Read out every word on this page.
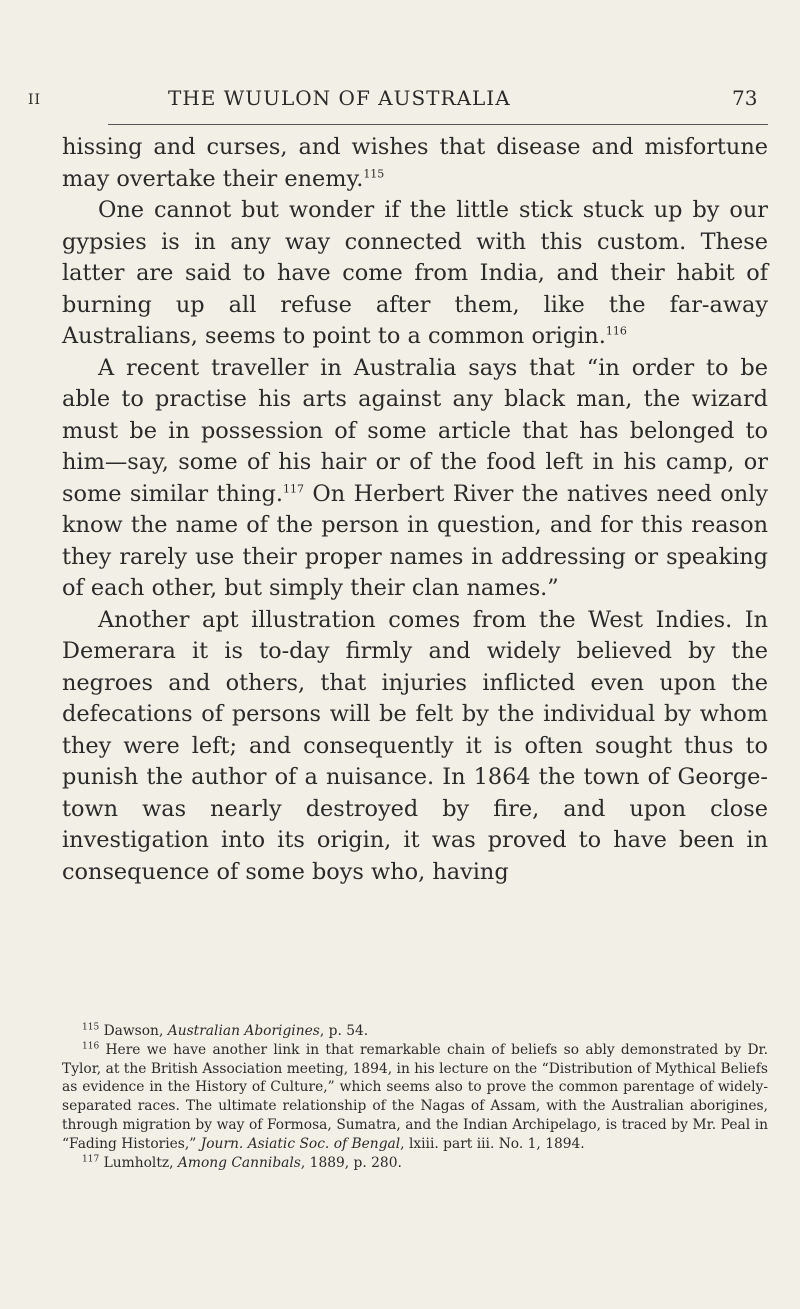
II	THE WUULON OF AUSTRALIA	73

hissing and curses, and wishes that disease and misfortune may overtake their enemy.$^{115}$

One cannot but wonder if the little stick stuck up by our gypsies is in any way connected with this custom. These latter are said to have come from India, and their habit of burning up all refuse after them, like the far-away Australians, seems to point to a common origin.$^{116}$

A recent traveller in Australia says that “in order to be able to practise his arts against any black man, the wizard must be in possession of some article that has belonged to him—say, some of his hair or of the food left in his camp, or some similar thing.$^{117}$ On Herbert River the natives need only know the name of the person in question, and for this reason they rarely use their proper names in addressing or speaking of each other, but simply their clan names.”

Another apt illustration comes from the West Indies. In Demerara it is to-day firmly and widely believed by the negroes and others, that injuries inflicted even upon the defecations of persons will be felt by the individual by whom they were left; and consequently it is often sought thus to punish the author of a nuisance. In 1864 the town of Georgetown was nearly destroyed by fire, and upon close investigation into its origin, it was proved to have been in consequence of some boys who, having

$^{115}$ Dawson, Australian Aborigines, p. 54.

$^{116}$ Here we have another link in that remarkable chain of beliefs so ably demonstrated by Dr. Tylor, at the British Association meeting, 1894, in his lecture on the “Distribution of Mythical Beliefs as evidence in the History of Culture,” which seems also to prove the common parentage of widely-separated races. The ultimate relationship of the Nagas of Assam, with the Australian aborigines, through migration by way of Formosa, Sumatra, and the Indian Archipelago, is traced by Mr. Peal in “Fading Histories,” Journ. Asiatic Soc. of Bengal, lxiii. part iii. No. 1, 1894.

$^{117}$ Lumholtz, Among Cannibals, 1889, p. 280.
